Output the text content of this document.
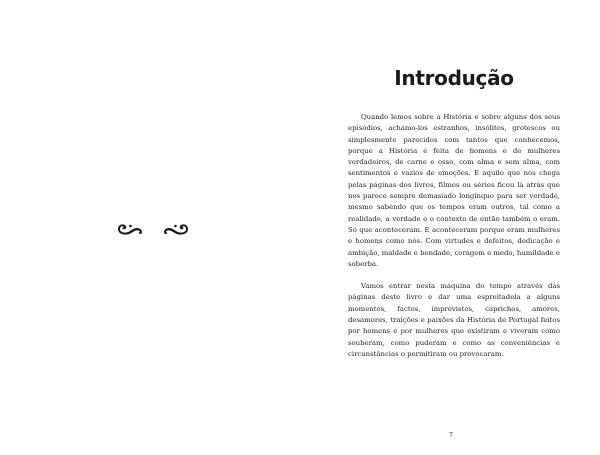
Introdução

Quando lemos sobre a História e sobre alguns dos seus episódios, achamo-los estranhos, insólitos, grotescos ou simplesmente parecidos com tantos que conhecemos, porque a História é feita de homens e de mulheres verdadeiros, de carne e osso, com alma e sem alma, com sentimentos e vazios de emoções. E aquilo que nos chega pelas páginas dos livros, filmes ou séries ficou lá atrás que nos parece sempre demasiado longínquo para ser verdade, mesmo sabendo que os tempos eram outros, tal como a realidade, a verdade e o contexto de então também o eram. Só que aconteceram. E aconteceram porque eram mulheres e homens como nós. Com virtudes e defeitos, dedicação e ambição, maldade e bondade, coragem e medo, humildade e soberba.

Vamos entrar nesta máquina do tempo através das páginas deste livro e dar uma espreitadela a alguns momentos, factos, imprevistos, caprichos, amores, desamores, traições e paixões da História de Portugal feitos por homens e por mulheres que existiram e viveram como souberam, como puderam e como as conveniências e circunstâncias o permitiram ou provocaram.

7
